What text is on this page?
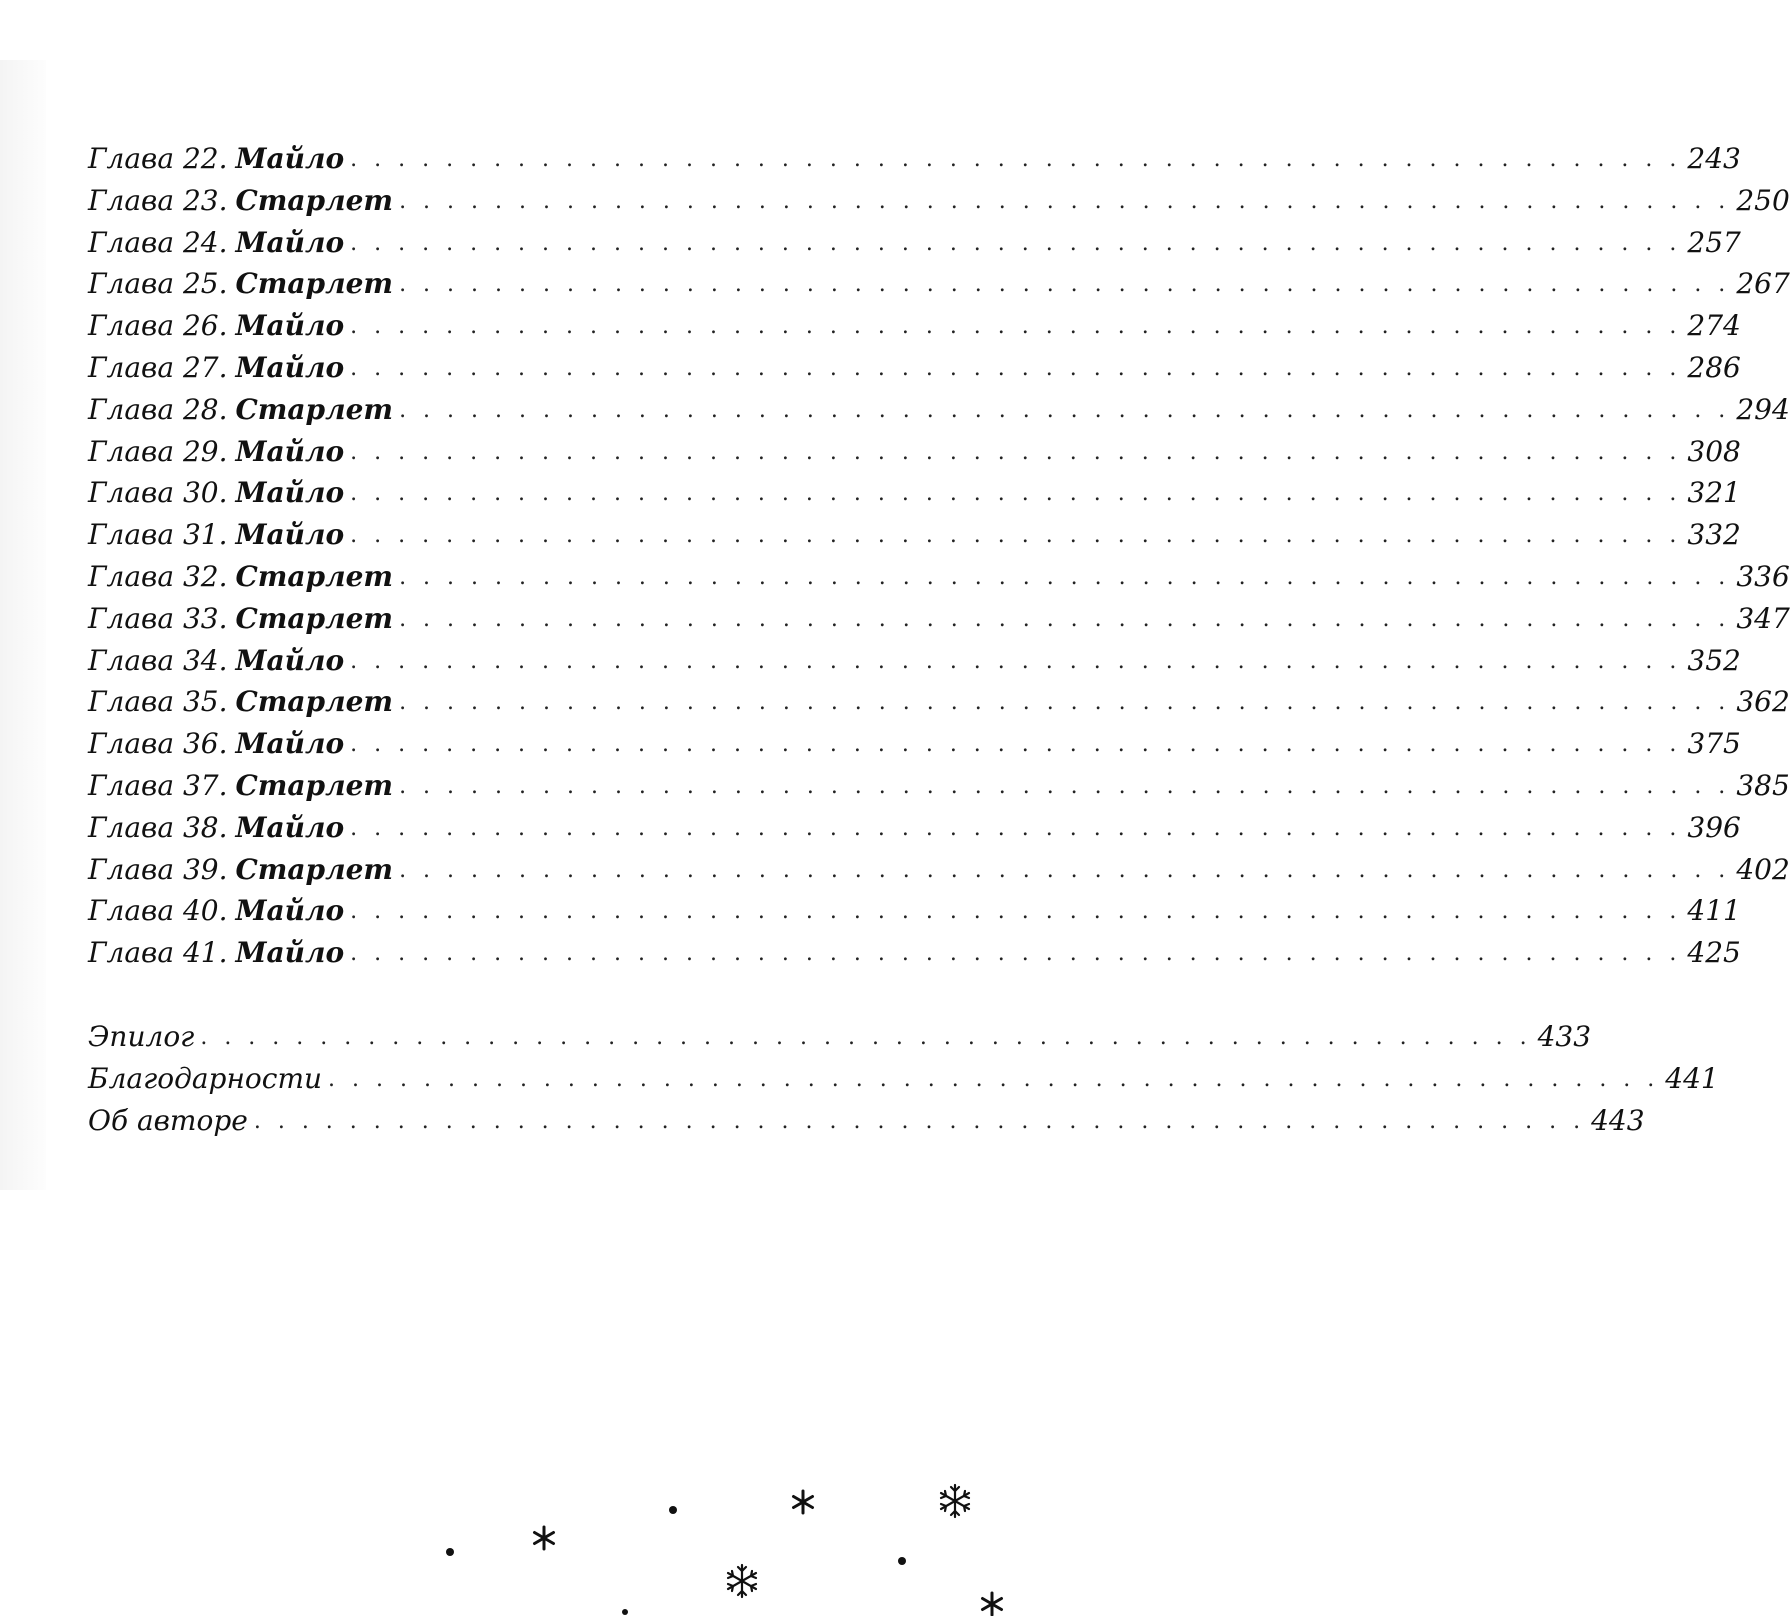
Глава 22. Майло . . . . . . . . . . . . . . . . . . . . . . . . . . . . . . . . . . . . . . . . . . . . . . . . . . . . . . . . 243
Глава 23. Старлет . . . . . . . . . . . . . . . . . . . . . . . . . . . . . . . . . . . . . . . . . . . . . . . . . . . . . . . . 250
Глава 24. Майло . . . . . . . . . . . . . . . . . . . . . . . . . . . . . . . . . . . . . . . . . . . . . . . . . . . . . . . . 257
Глава 25. Старлет . . . . . . . . . . . . . . . . . . . . . . . . . . . . . . . . . . . . . . . . . . . . . . . . . . . . . . . . 267
Глава 26. Майло . . . . . . . . . . . . . . . . . . . . . . . . . . . . . . . . . . . . . . . . . . . . . . . . . . . . . . . . 274
Глава 27. Майло . . . . . . . . . . . . . . . . . . . . . . . . . . . . . . . . . . . . . . . . . . . . . . . . . . . . . . . . 286
Глава 28. Старлет . . . . . . . . . . . . . . . . . . . . . . . . . . . . . . . . . . . . . . . . . . . . . . . . . . . . . . . . 294
Глава 29. Майло . . . . . . . . . . . . . . . . . . . . . . . . . . . . . . . . . . . . . . . . . . . . . . . . . . . . . . . . 308
Глава 30. Майло . . . . . . . . . . . . . . . . . . . . . . . . . . . . . . . . . . . . . . . . . . . . . . . . . . . . . . . . 321
Глава 31. Майло . . . . . . . . . . . . . . . . . . . . . . . . . . . . . . . . . . . . . . . . . . . . . . . . . . . . . . . . 332
Глава 32. Старлет . . . . . . . . . . . . . . . . . . . . . . . . . . . . . . . . . . . . . . . . . . . . . . . . . . . . . . . . 336
Глава 33. Старлет . . . . . . . . . . . . . . . . . . . . . . . . . . . . . . . . . . . . . . . . . . . . . . . . . . . . . . . . 347
Глава 34. Майло . . . . . . . . . . . . . . . . . . . . . . . . . . . . . . . . . . . . . . . . . . . . . . . . . . . . . . . . 352
Глава 35. Старлет . . . . . . . . . . . . . . . . . . . . . . . . . . . . . . . . . . . . . . . . . . . . . . . . . . . . . . . . 362
Глава 36. Майло . . . . . . . . . . . . . . . . . . . . . . . . . . . . . . . . . . . . . . . . . . . . . . . . . . . . . . . . 375
Глава 37. Старлет . . . . . . . . . . . . . . . . . . . . . . . . . . . . . . . . . . . . . . . . . . . . . . . . . . . . . . . . 385
Глава 38. Майло . . . . . . . . . . . . . . . . . . . . . . . . . . . . . . . . . . . . . . . . . . . . . . . . . . . . . . . . 396
Глава 39. Старлет . . . . . . . . . . . . . . . . . . . . . . . . . . . . . . . . . . . . . . . . . . . . . . . . . . . . . . . . 402
Глава 40. Майло . . . . . . . . . . . . . . . . . . . . . . . . . . . . . . . . . . . . . . . . . . . . . . . . . . . . . . . . 411
Глава 41. Майло . . . . . . . . . . . . . . . . . . . . . . . . . . . . . . . . . . . . . . . . . . . . . . . . . . . . . . . . 425
Эпилог . . . . . . . . . . . . . . . . . . . . . . . . . . . . . . . . . . . . . . . . . . . . . . . . . . . . . . . . 433
Благодарности . . . . . . . . . . . . . . . . . . . . . . . . . . . . . . . . . . . . . . . . . . . . . . . . . . . . . . . . 441
Об авторе . . . . . . . . . . . . . . . . . . . . . . . . . . . . . . . . . . . . . . . . . . . . . . . . . . . . . . . . 443
